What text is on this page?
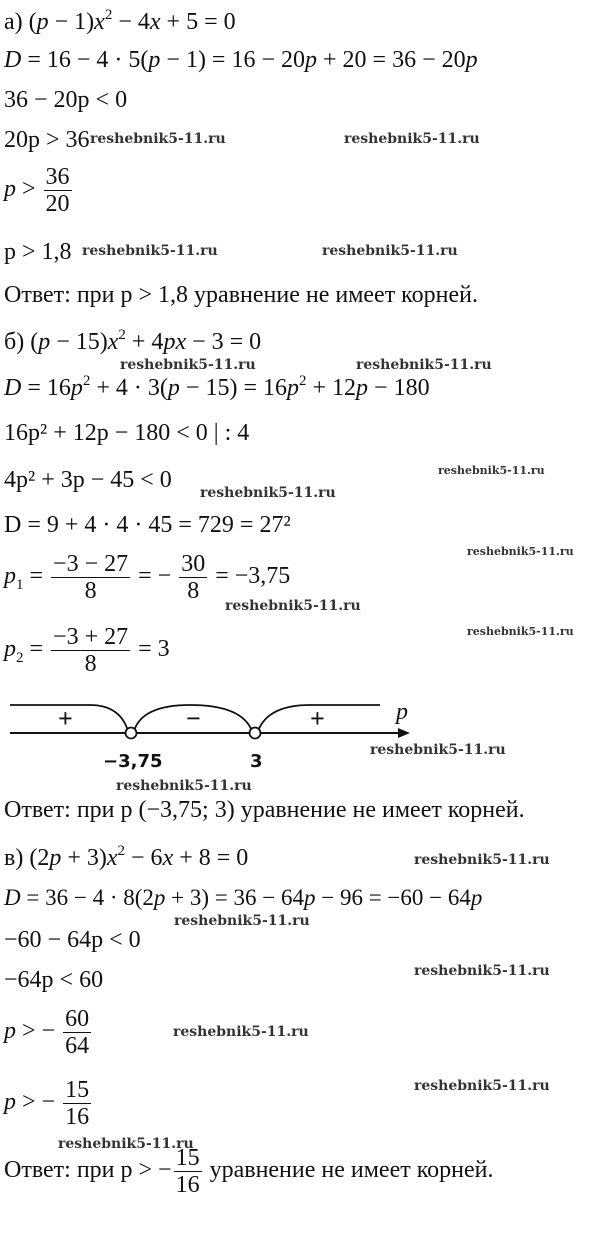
а) $(p - 1)x^2 - 4x + 5 = 0$
D = 16 − 4 · 5(p − 1) = 16 − 20p + 20 = 36 − 20p
36 − 20p < 0
20p > 36
$p > \frac{36}{20}$
p > 1,8
Ответ: при p > 1,8 уравнение не имеет корней.
б) $(p - 15)x^2 + 4px - 3 = 0$
$D = 16p^2 + 4 \cdot 3(p - 15) = 16p^2 + 12p - 180$
16p² + 12p − 180 < 0 | : 4
4p² + 3p − 45 < 0
D = 9 + 4 · 4 · 45 = 729 = 27²
$p_1 = \frac{-3 - 27}{8}$ = − $\frac{30}{8} = -3,75$
$p_2 = \frac{-3 + 27}{8} = 3$
+	−	+	p
−3,75	3
Ответ: при p (−3,75; 3) уравнение не имеет корней.
в) $(2p + 3)x^2 - 6x + 8 = 0$
D = 36 − 4 · 8(2p + 3) = 36 − 64p − 96 = −60 − 64p
−60 − 64p < 0
−64p < 60
p > − $\frac{60}{64}$
p > − $\frac{15}{16}$
Ответ: при p > − $\frac{15}{16}$ уравнение не имеет корней.
reshebnik5-11.ru	reshebnik5-11.ru
reshebnik5-11.ru	reshebnik5-11.ru
reshebnik5-11.ru	reshebnik5-11.ru
reshebnik5-11.ru
reshebnik5-11.ru
reshebnik5-11.ru
reshebnik5-11.ru
reshebnik5-11.ru
reshebnik5-11.ru
reshebnik5-11.ru
reshebnik5-11.ru
reshebnik5-11.ru
reshebnik5-11.ru
reshebnik5-11.ru
reshebnik5-11.ru
reshebnik5-11.ru
